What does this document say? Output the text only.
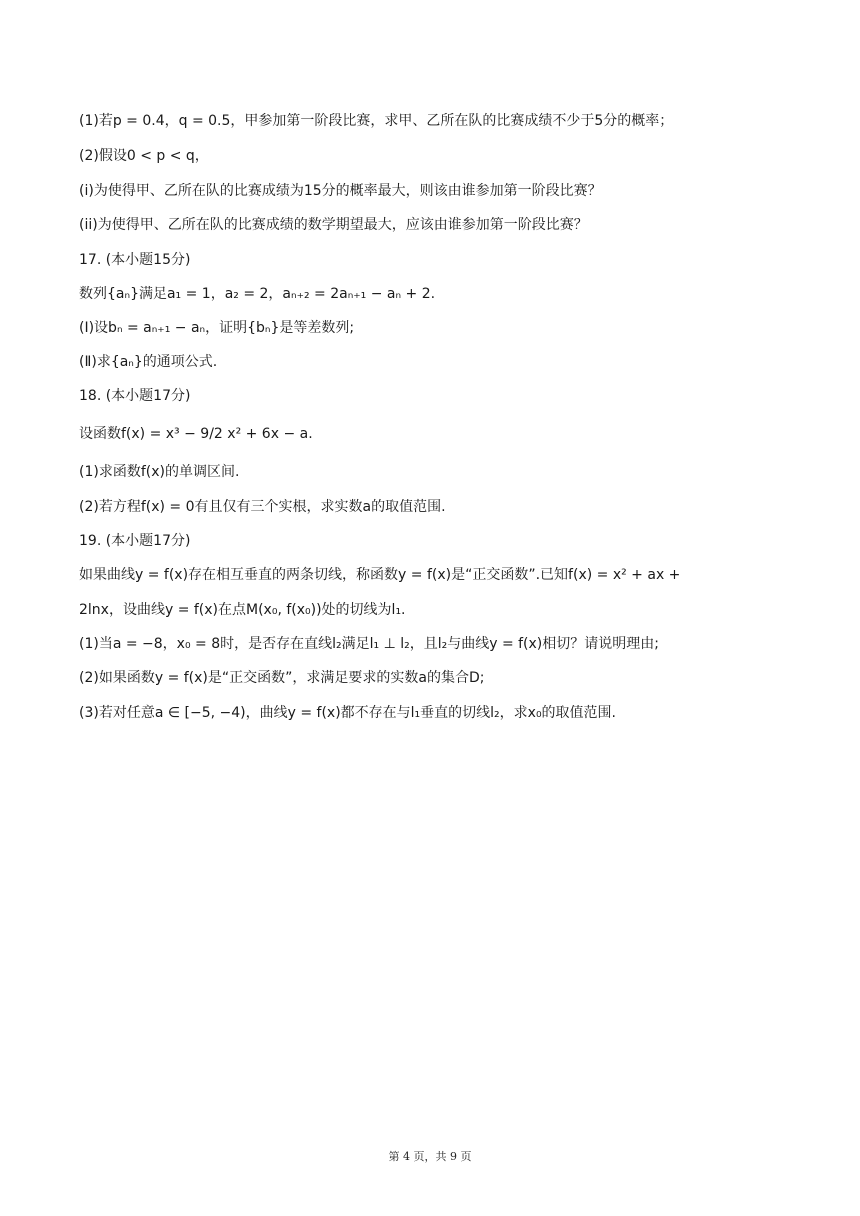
(1)若p = 0.4，q = 0.5，甲参加第一阶段比赛，求甲、乙所在队的比赛成绩不少于5分的概率；
(2)假设0 < p < q，
(i)为使得甲、乙所在队的比赛成绩为15分的概率最大，则该由谁参加第一阶段比赛？
(ii)为使得甲、乙所在队的比赛成绩的数学期望最大，应该由谁参加第一阶段比赛？
17. (本小题15分)
数列{aₙ}满足a₁ = 1，a₂ = 2，aₙ₊₂ = 2aₙ₊₁ − aₙ + 2.
(Ⅰ)设bₙ = aₙ₊₁ − aₙ，证明{bₙ}是等差数列;
(Ⅱ)求{aₙ}的通项公式.
18. (本小题17分)
设函数f(x) = x³ − 9/2 x² + 6x − a.
(1)求函数f(x)的单调区间.
(2)若方程f(x) = 0有且仅有三个实根，求实数a的取值范围.
19. (本小题17分)
如果曲线y = f(x)存在相互垂直的两条切线，称函数y = f(x)是“正交函数”.已知f(x) = x² + ax +
2lnx，设曲线y = f(x)在点M(x₀, f(x₀))处的切线为l₁.
(1)当a = −8，x₀ = 8时，是否存在直线l₂满足l₁ ⊥ l₂，且l₂与曲线y = f(x)相切？请说明理由;
(2)如果函数y = f(x)是“正交函数”，求满足要求的实数a的集合D;
(3)若对任意a ∈ [−5, −4)，曲线y = f(x)都不存在与l₁垂直的切线l₂，求x₀的取值范围.
第 4 页，共 9 页
